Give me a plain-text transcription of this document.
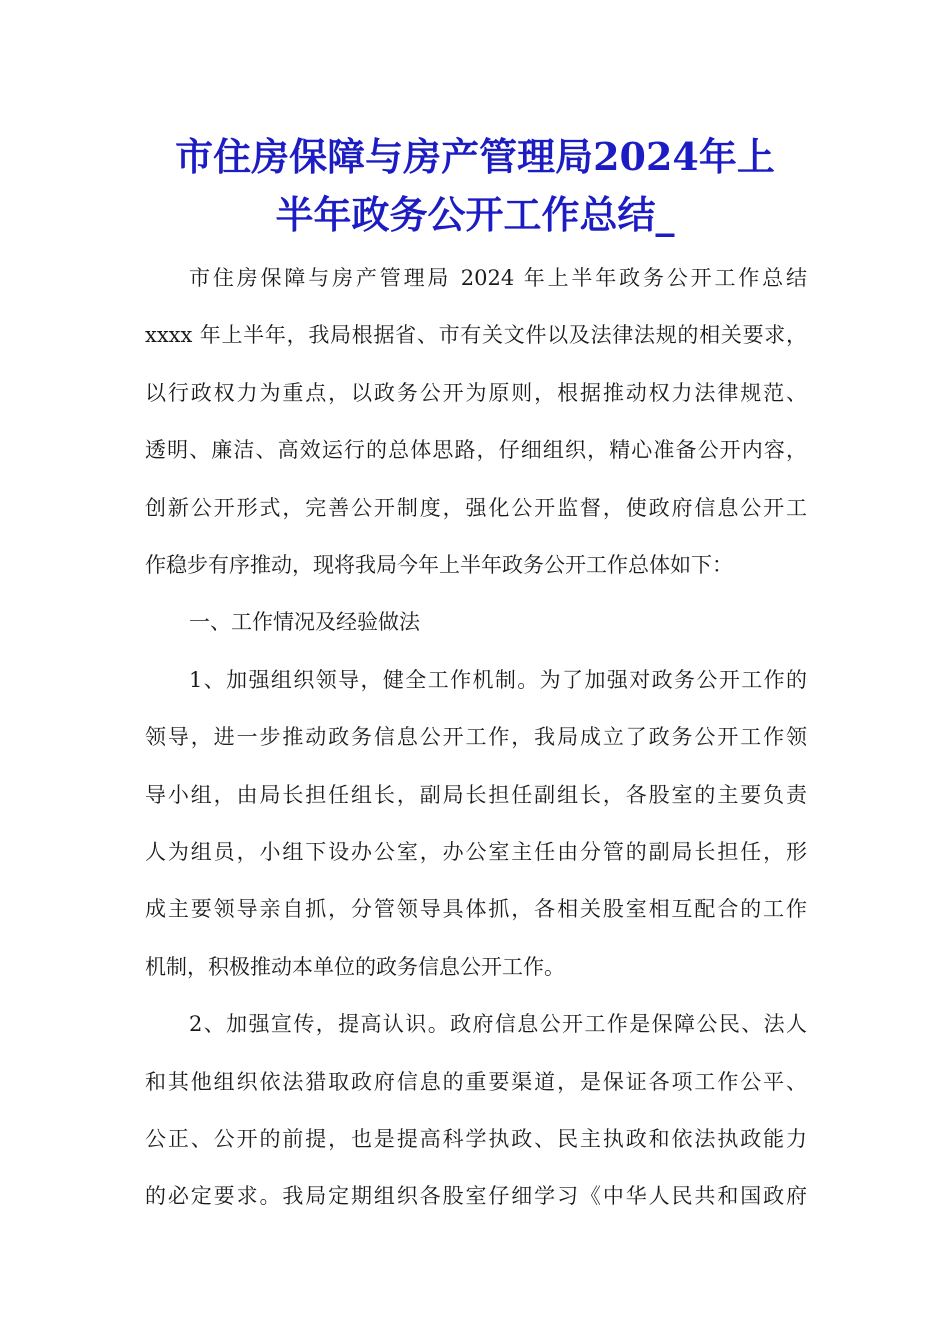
市住房保障与房产管理局2024年上
半年政务公开工作总结_
市住房保障与房产管理局 2024 年上半年政务公开工作总结
xxxx 年上半年，我局根据省、市有关文件以及法律法规的相关要求，
以行政权力为重点，以政务公开为原则，根据推动权力法律规范、
透明、廉洁、高效运行的总体思路，仔细组织，精心准备公开内容，
创新公开形式，完善公开制度，强化公开监督，使政府信息公开工
作稳步有序推动，现将我局今年上半年政务公开工作总体如下：
一、工作情况及经验做法
1、加强组织领导，健全工作机制。为了加强对政务公开工作的
领导，进一步推动政务信息公开工作，我局成立了政务公开工作领
导小组，由局长担任组长，副局长担任副组长，各股室的主要负责
人为组员，小组下设办公室，办公室主任由分管的副局长担任，形
成主要领导亲自抓，分管领导具体抓，各相关股室相互配合的工作
机制，积极推动本单位的政务信息公开工作。
2、加强宣传，提高认识。政府信息公开工作是保障公民、法人
和其他组织依法猎取政府信息的重要渠道，是保证各项工作公平、
公正、公开的前提，也是提高科学执政、民主执政和依法执政能力
的必定要求。我局定期组织各股室仔细学习《中华人民共和国政府
